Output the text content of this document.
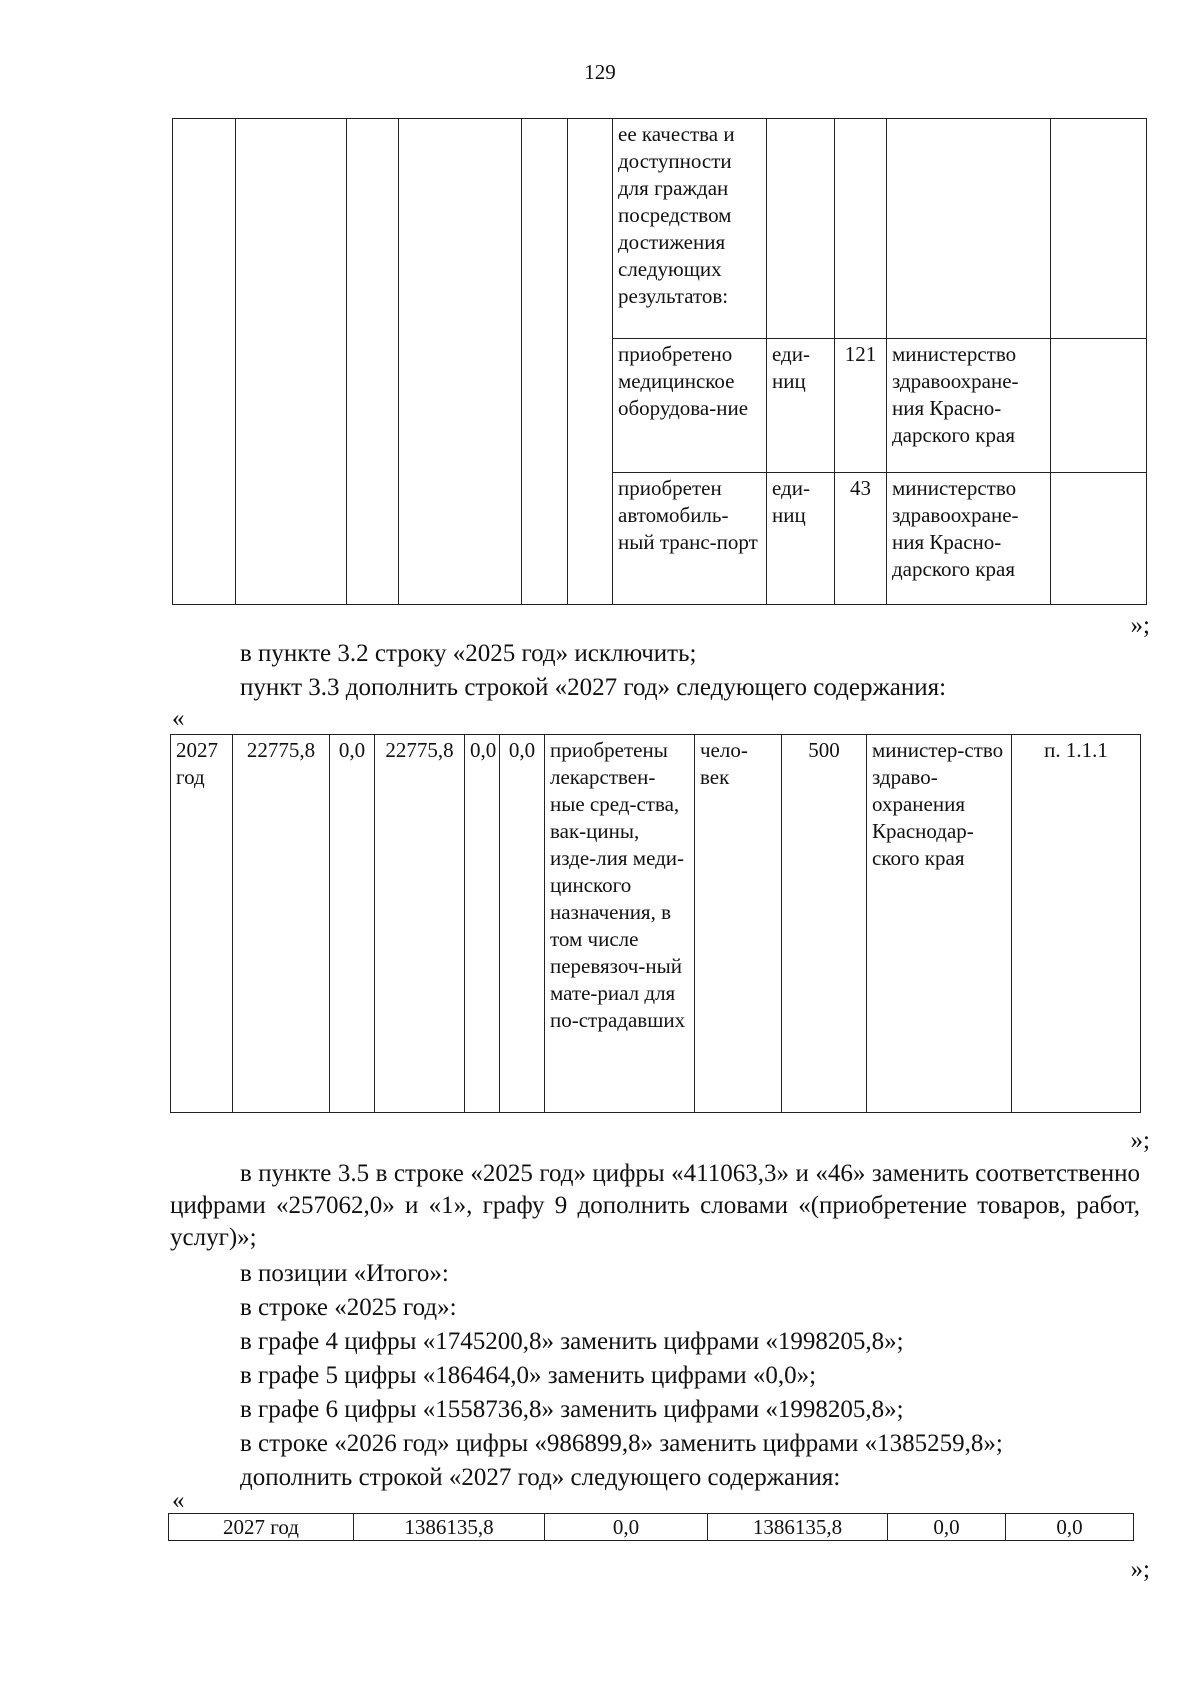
129
						ее качества и доступности для граждан посредством достижения следующих результатов:				
						приобретено медицинское оборудова-ние	еди-ниц	121	министерство здравоохране-ния Красно-дарского края	
						приобретен автомобиль-ный транс-порт	еди-ниц	43	министерство здравоохране-ния Красно-дарского края	
»;
в пункте 3.2 строку «2025 год» исключить;
пункт 3.3 дополнить строкой «2027 год» следующего содержания:
«
2027 год	22775,8	0,0	22775,8	0,0	0,0	приобретены лекарствен-ные сред-ства, вак-цины, изде-лия меди-цинского назначения, в том числе перевязоч-ный мате-риал для по-страдавших	чело-век	500	министер-ство здраво-охранения Краснодар-ского края	п. 1.1.1
»;
в пункте 3.5 в строке «2025 год» цифры «411063,3» и «46» заменить соответственно цифрами «257062,0» и «1», графу 9 дополнить словами «(приобретение товаров, работ, услуг)»;
в позиции «Итого»:
в строке «2025 год»:
в графе 4 цифры «1745200,8» заменить цифрами «1998205,8»;
в графе 5 цифры «186464,0» заменить цифрами «0,0»;
в графе 6 цифры «1558736,8» заменить цифрами «1998205,8»;
в строке «2026 год» цифры «986899,8» заменить цифрами «1385259,8»;
дополнить строкой «2027 год» следующего содержания:
«
2027 год	1386135,8	0,0	1386135,8	0,0	0,0
»;
